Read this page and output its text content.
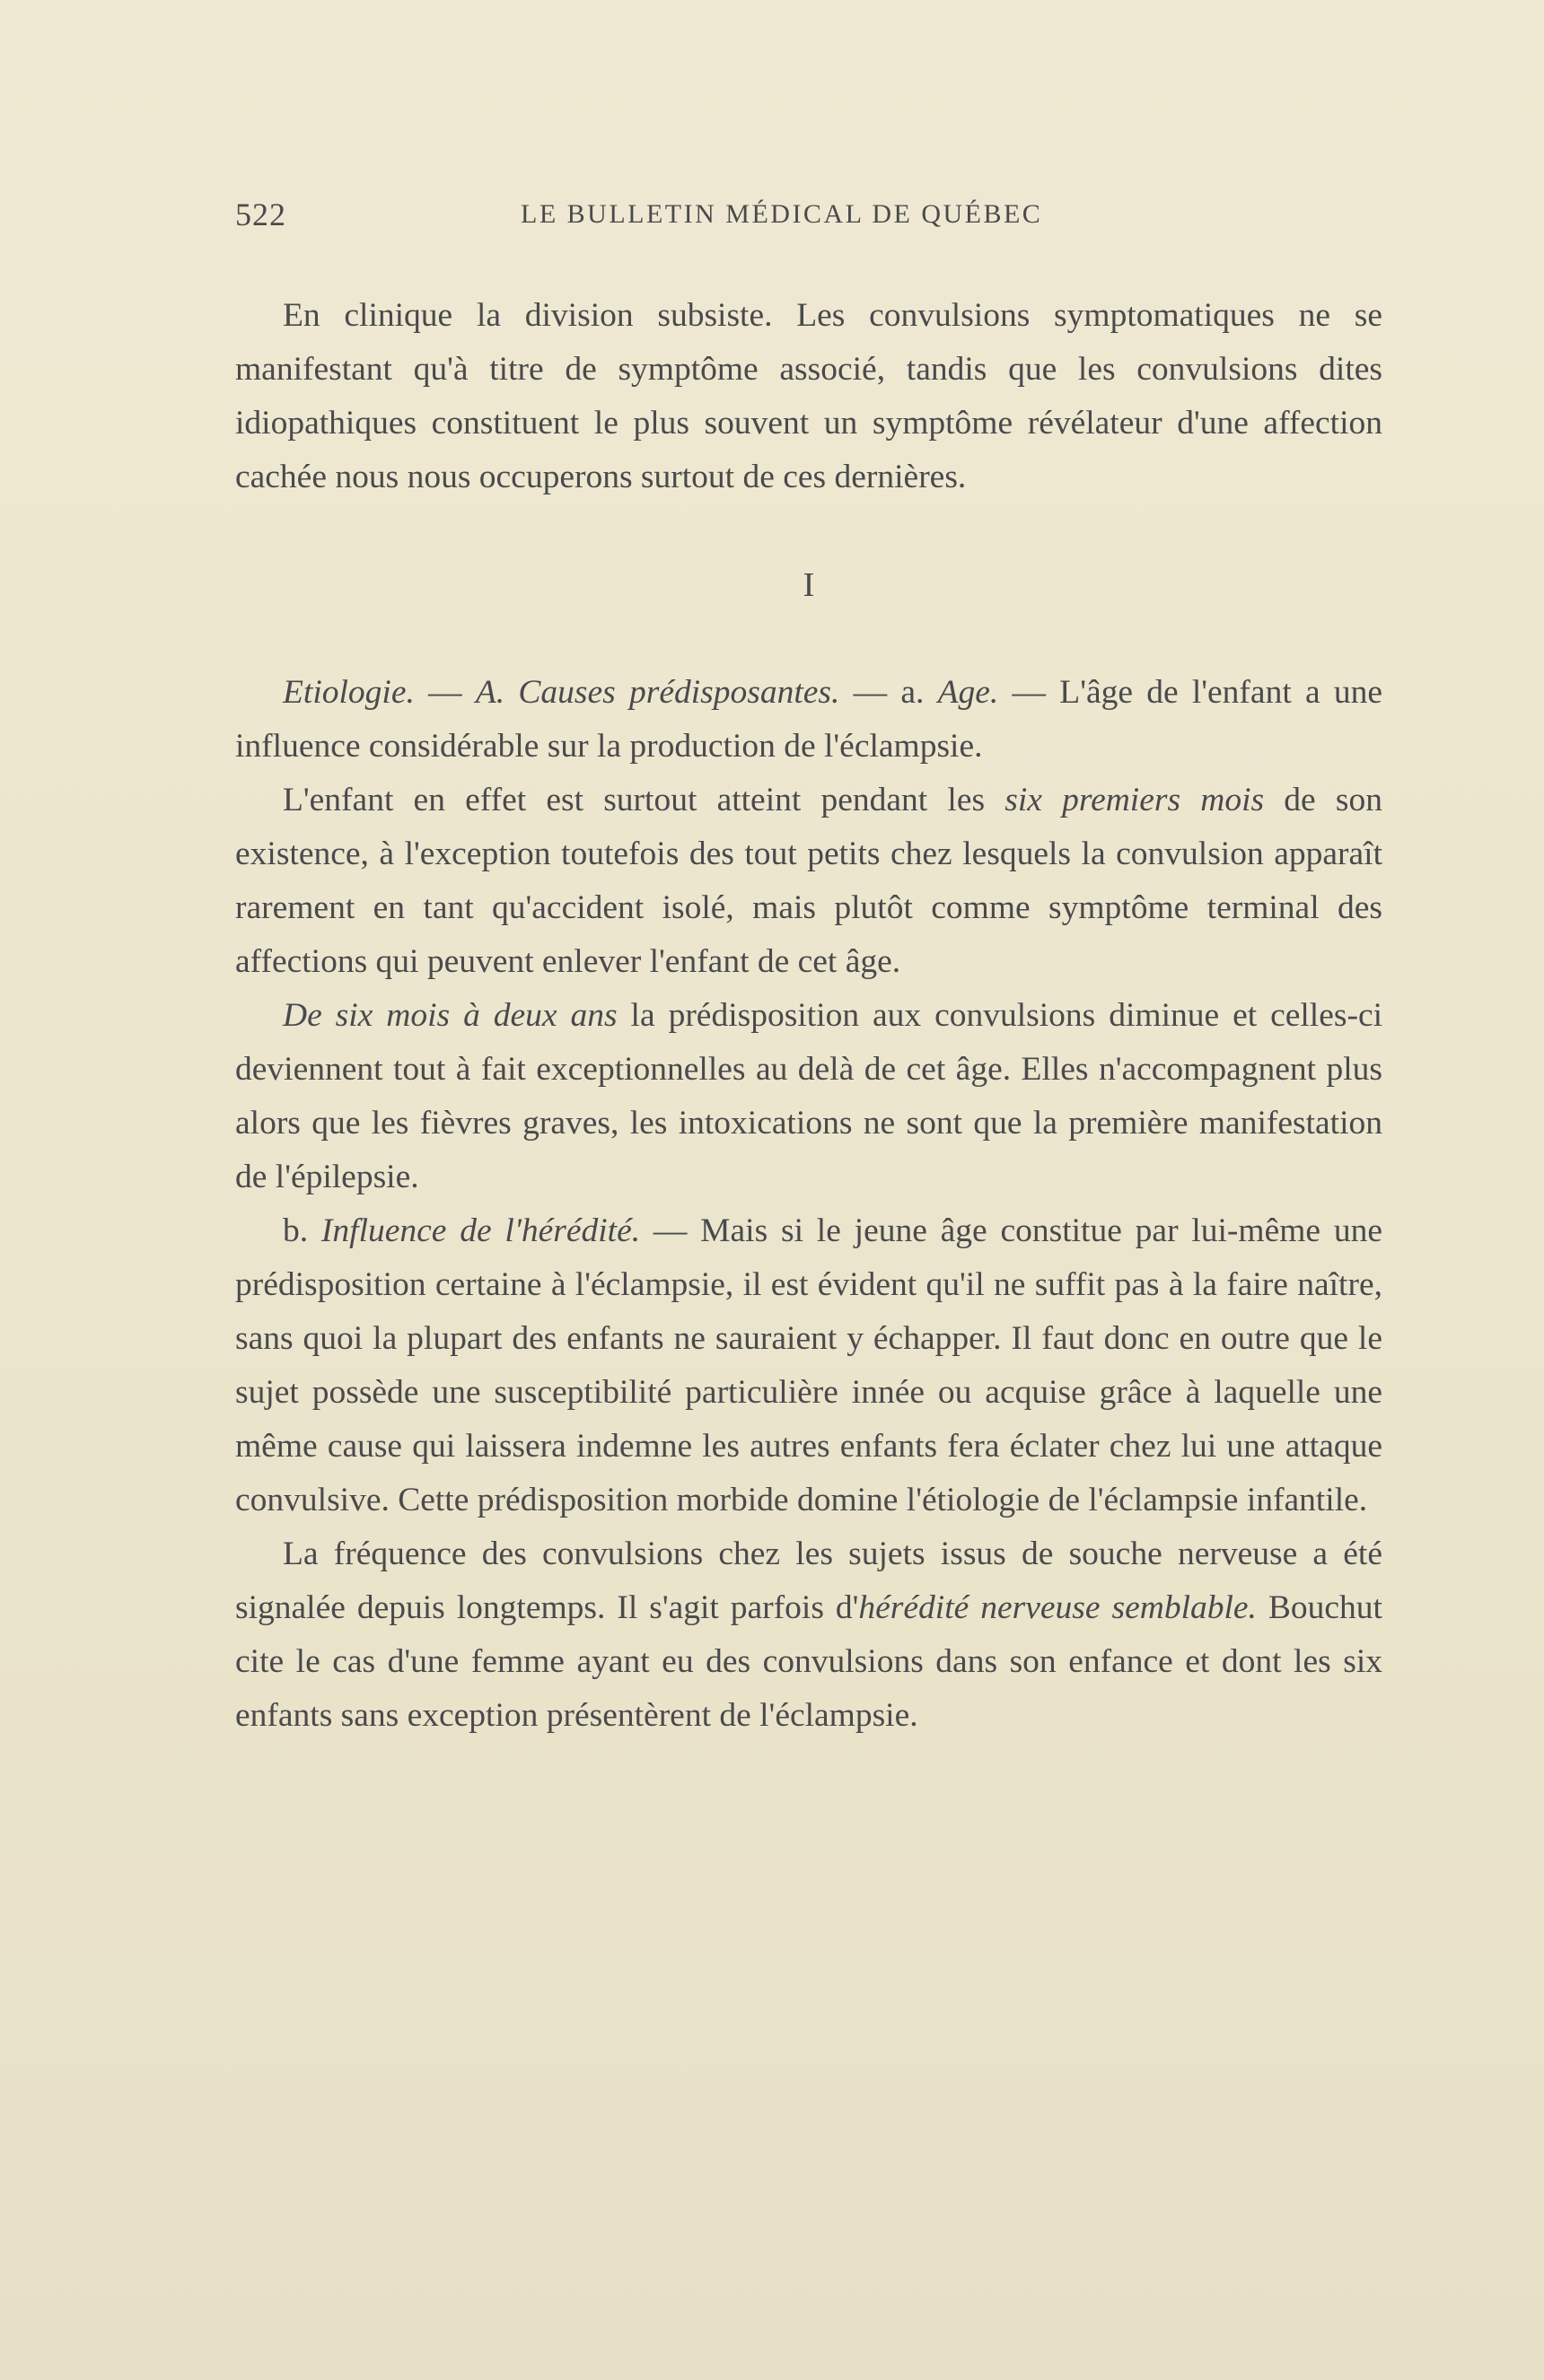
522	LE BULLETIN MÉDICAL DE QUÉBEC

En clinique la division subsiste. Les convulsions symptomatiques ne se manifestant qu'à titre de symptôme associé, tandis que les convulsions dites idiopathiques constituent le plus souvent un symptôme révélateur d'une affection cachée nous nous occuperons surtout de ces dernières.

I

Etiologie. — A. Causes prédisposantes. — a. Age. — L'âge de l'enfant a une influence considérable sur la production de l'éclampsie.

L'enfant en effet est surtout atteint pendant les six premiers mois de son existence, à l'exception toutefois des tout petits chez lesquels la convulsion apparaît rarement en tant qu'accident isolé, mais plutôt comme symptôme terminal des affections qui peuvent enlever l'enfant de cet âge.

De six mois à deux ans la prédisposition aux convulsions diminue et celles-ci deviennent tout à fait exceptionnelles au delà de cet âge. Elles n'accompagnent plus alors que les fièvres graves, les intoxications ne sont que la première manifestation de l'épilepsie.

b. Influence de l'hérédité. — Mais si le jeune âge constitue par lui-même une prédisposition certaine à l'éclampsie, il est évident qu'il ne suffit pas à la faire naître, sans quoi la plupart des enfants ne sauraient y échapper. Il faut donc en outre que le sujet possède une susceptibilité particulière innée ou acquise grâce à laquelle une même cause qui laissera indemne les autres enfants fera éclater chez lui une attaque convulsive. Cette prédisposition morbide domine l'étiologie de l'éclampsie infantile.

La fréquence des convulsions chez les sujets issus de souche nerveuse a été signalée depuis longtemps. Il s'agit parfois d'hérédité nerveuse semblable. Bouchut cite le cas d'une femme ayant eu des convulsions dans son enfance et dont les six enfants sans exception présentèrent de l'éclampsie.
